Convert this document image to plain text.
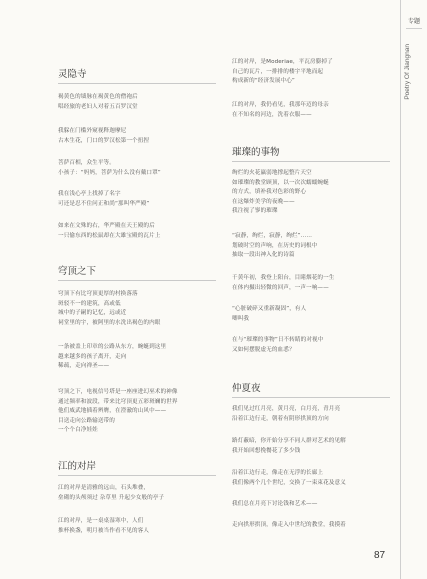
灵隐寺
褐黄色的墙脉在褐黄色的僧袍后
唱经旅的老妇人对着五百罗汉堂
我躲在门槛外窥视释迦摩尼
古木生花，门口的罗汉松第一个扭捏
菩萨百相，众生平等。
小孩子：“妈妈，菩萨为什么没有戴口罩”
我在浅心亭上找掉了名字
可还是忍不住问正和尚“那叫华严殿”
如来在文殊的右，华严殿在天王殿的后
一只偷东西的松鼠却在大雄宝殿的瓦片上
穹顶之下
穹顶下有比穹顶更厚的村换落落
斑驳不一的建筑，高或低
城中的子嗣的记忆，远或近
祠堂里的宇，被阿里的水洗出褐色的内眼
一条被盖上印章的公路从东方，蜿蜒到这里
越来越多的孩子离开，走向
稀疏，走向禅圣——
穹顶之下，电视信号塔是一座座进幻巫术的神像
通过频率和波段，带来比穹顶更五彩斑斓的世界
他们威武地插着辨膺，在澄澈的山风中——
目送走向公路输送带的
一个个白净娃娃
江的对岸
江的对岸是清雅的远山，石头堆叠，
垒砌的头颅须过 杂草里 升起少女般的亭子
江的对岸，是一桌桌湿寒中，人们
推杯换盏，明月被当作看不见的客人
江的对岸，是Moderiae，平瓦房膨掉了
自己的瓦片，一排排的楼宇平地而起
构成新的“经济发展中心”
江的对岸，我仍看见，我那年迈的母亲
在不知名的河边，洗着衣服——
璀璨的事物
绚烂的火花赢弱地撑起整片天空
如璀璨的教堂顾顶，以一次次蠕蠕蜿蜒
的方式，填补我对色彩的野心
在这爆炸美学的夜晚——
我注视了寥的璀璨
“寂静，绚烂，寂静，绚烂”……
划破时空的声响，在历史的词根中
抽取一段出神入化的诗篇
千黄年初，我登上阳台，目睹烟花的一生
在体内摄出轻微的回声，一声一响——
“心脏破碎又重新凝固”，有人
唧叫我
在与“璀璨的事物”日不转睛的对视中
又如何摆脱虚无的血悉？
仲夏夜
我们见过红月亮，黄月亮，白月亮，青月亮
沿着江边行走，朝着有阴形拱顶的方向
路灯蔽暗，你开始分享不同人群对艺术的见解
我开始回想挽餐花了多少钱
沿着江边行走，像走在无浮的长廊上
我们像两个几个世纪，交换了一束束花及意义
我们总在月亮下讨论钱和艺术——
走向拱形拱顶，像走入中世纪的教堂，我摸着
专题
Poetry Of Jiangnan
87
